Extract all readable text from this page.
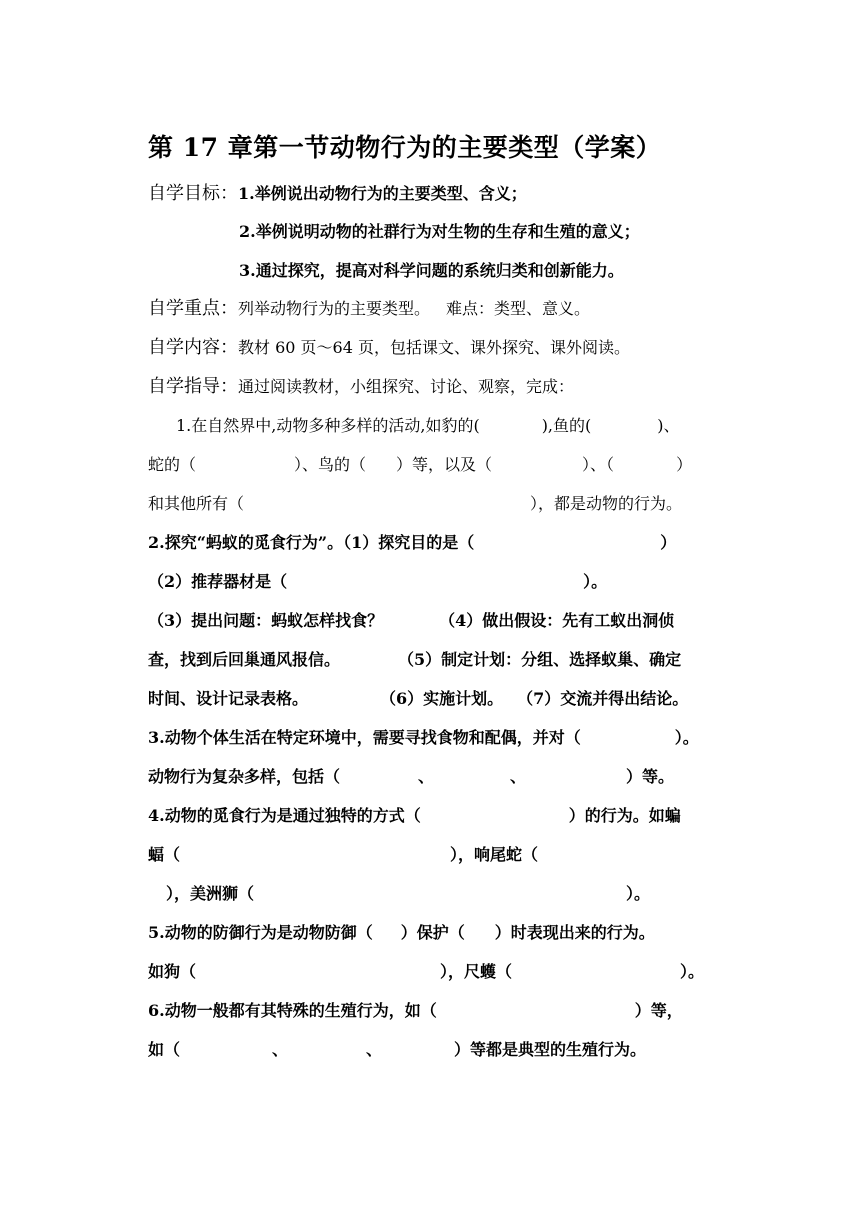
第 17 章第一节动物行为的主要类型（学案）
自学目标：1.举例说出动物行为的主要类型、含义；
2.举例说明动物的社群行为对生物的生存和生殖的意义；
3.通过探究，提高对科学问题的系统归类和创新能力。
自学重点：列举动物行为的主要类型。 难点：类型、意义。
自学内容：教材 60 页～64 页，包括课文、课外探究、课外阅读。
自学指导：通过阅读教材，小组探究、讨论、观察，完成：
1.在自然界中,动物多种多样的活动,如豹的(	),鱼的(	)、
蛇的（	）、鸟的（ ）等，以及（	）、（	）
和其他所有（	），都是动物的行为。
2.探究“蚂蚁的觅食行为”。（1）探究目的是（	）
（2）推荐器材是（	）。
（3）提出问题：蚂蚁怎样找食？	（4）做出假设：先有工蚁出洞侦
查，找到后回巢通风报信。	（5）制定计划：分组、选择蚁巢、确定
时间、设计记录表格。	（6）实施计划。 （7）交流并得出结论。
3.动物个体生活在特定环境中，需要寻找食物和配偶，并对（	）。
动物行为复杂多样，包括（	、	、	）等。
4.动物的觅食行为是通过独特的方式（	）的行为。如蝙
蝠（	），响尾蛇（
），美洲狮（	）。
5.动物的防御行为是动物防御（ ）保护（ ）时表现出来的行为。
如狗（	），尺蠖（	）。
6.动物一般都有其特殊的生殖行为，如（	）等，
如（	、	、	）等都是典型的生殖行为。
